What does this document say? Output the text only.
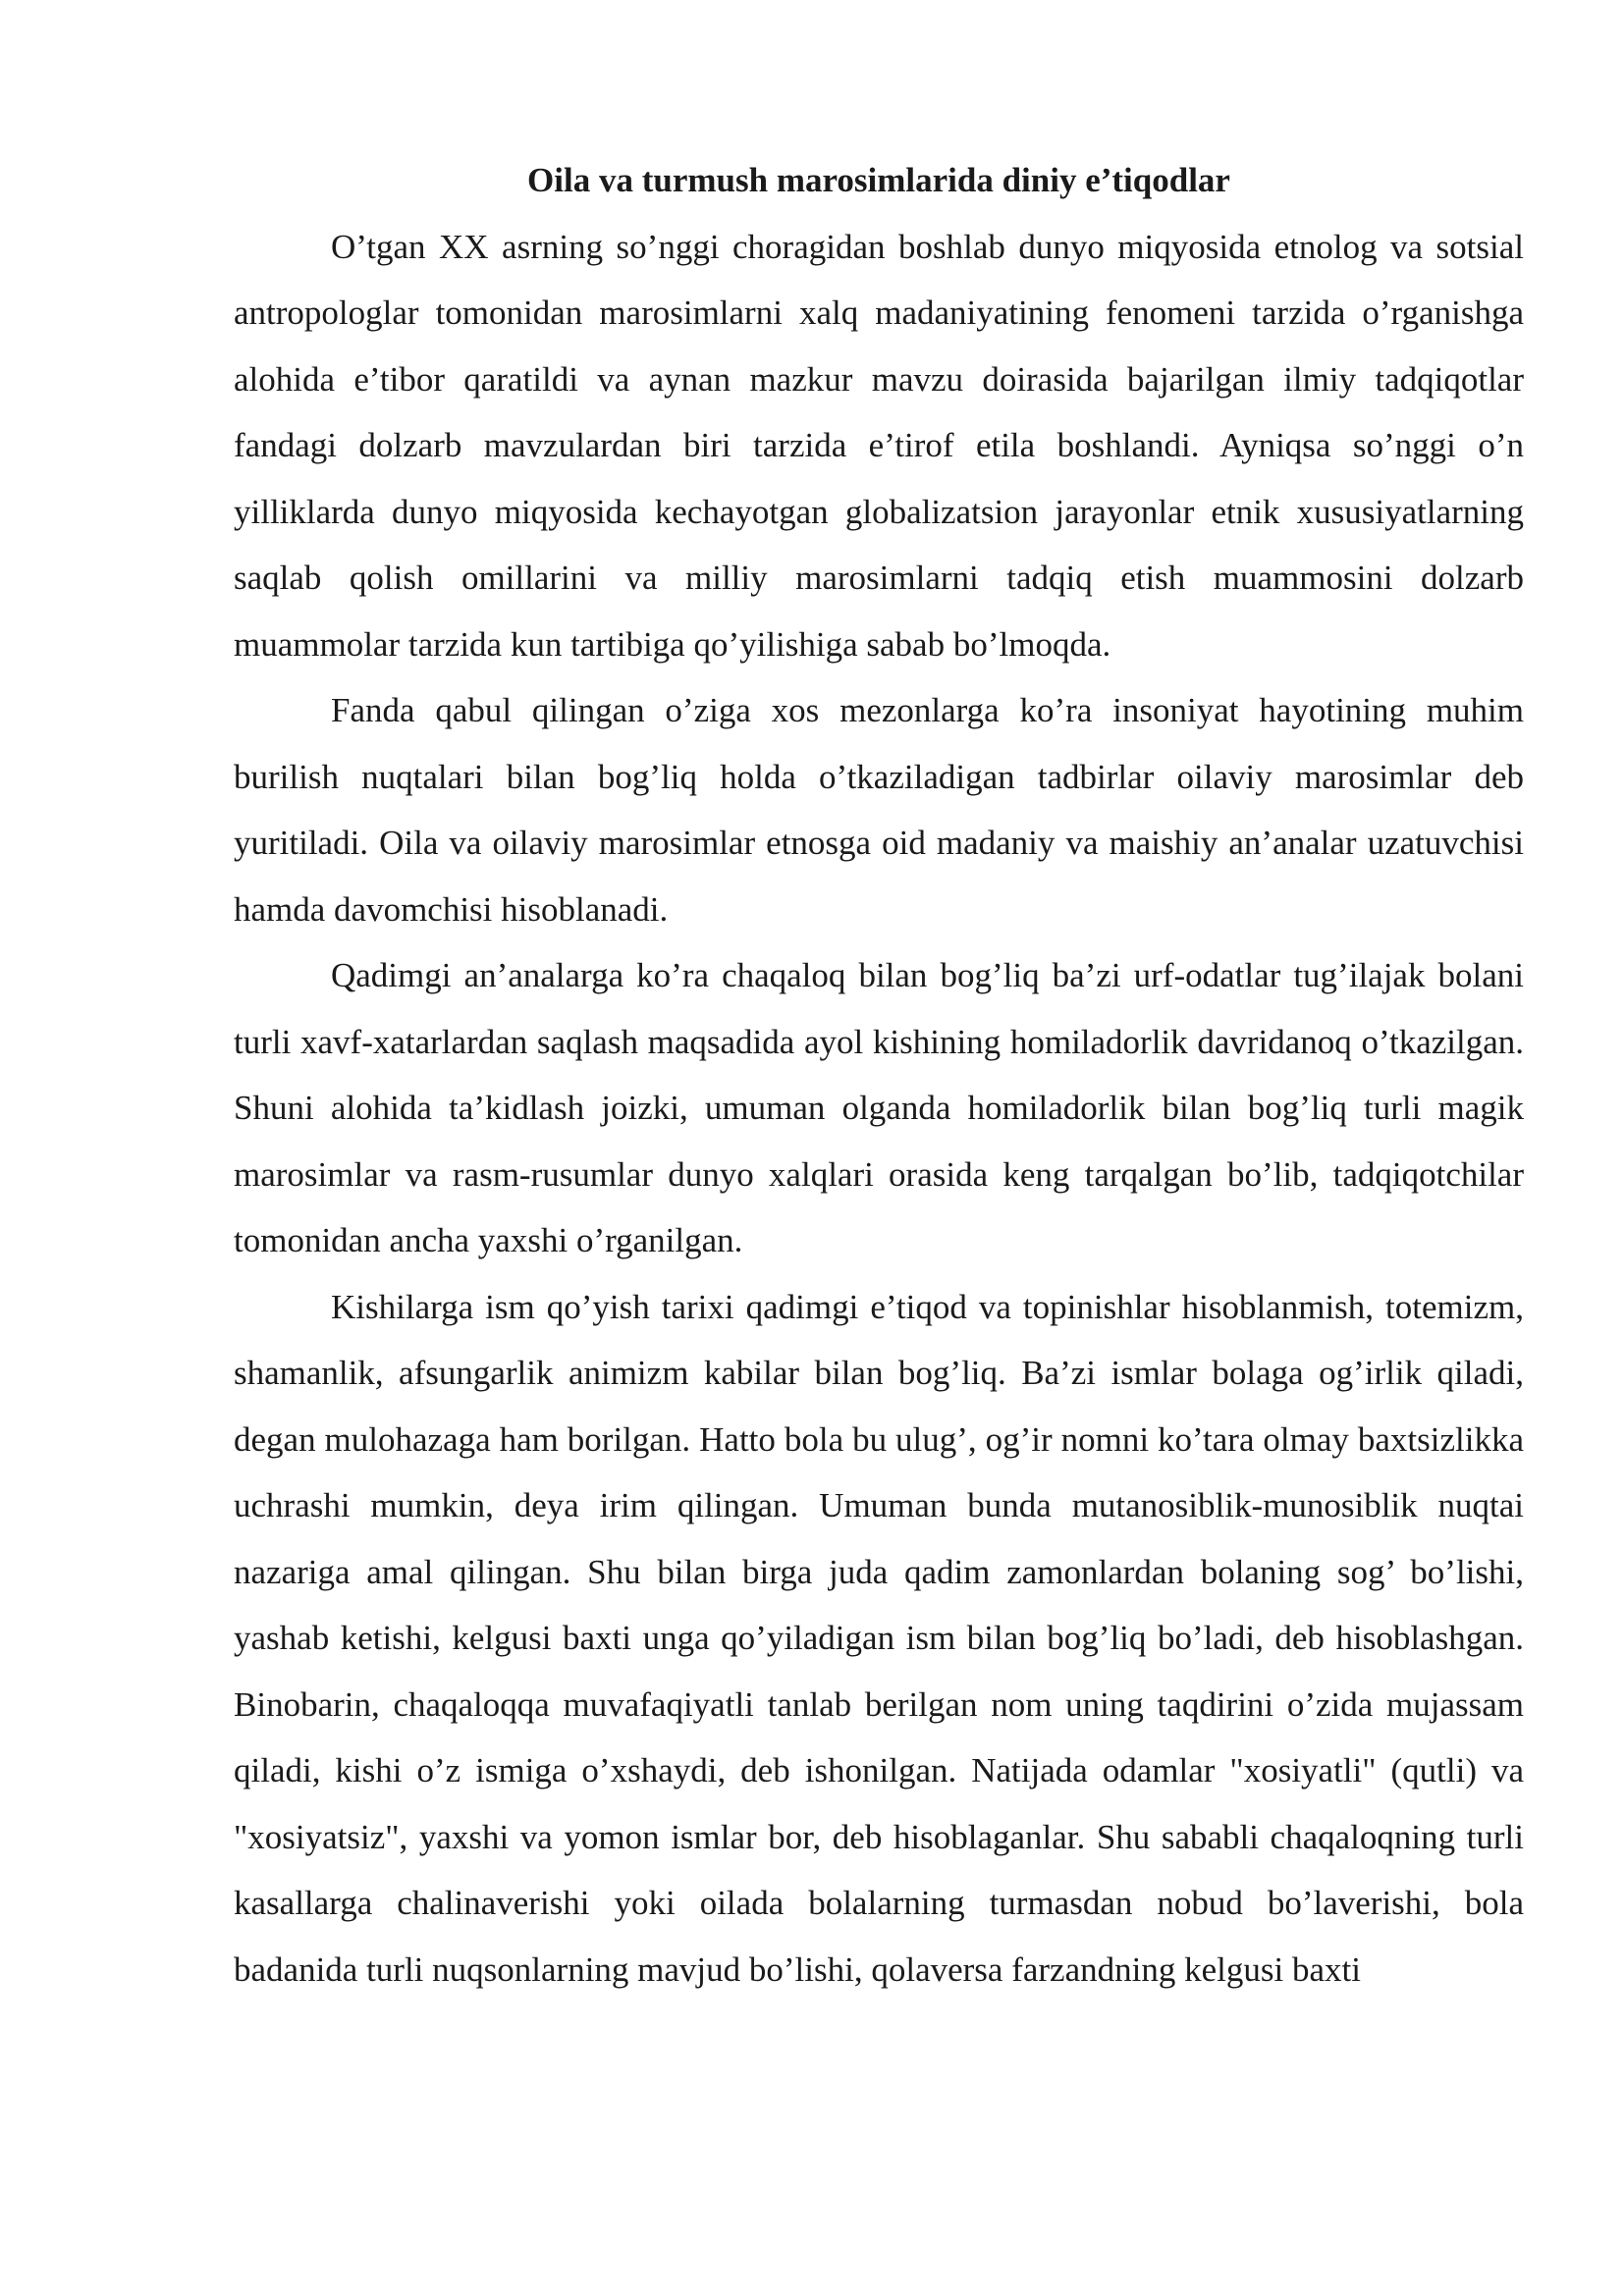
Oila va turmush marosimlarida diniy e’tiqodlar

O’tgan XX asrning so’nggi choragidan boshlab dunyo miqyosida etnolog va sotsial antropologlar tomonidan marosimlarni xalq madaniyatining fenomeni tarzida o’rganishga alohida e’tibor qaratildi va aynan mazkur mavzu doirasida bajarilgan ilmiy tadqiqotlar fandagi dolzarb mavzulardan biri tarzida e’tirof etila boshlandi. Ayniqsa so’nggi o’n yilliklarda dunyo miqyosida kechayotgan globalizatsion jarayonlar etnik xususiyatlarning saqlab qolish omillarini va milliy marosimlarni tadqiq etish muammosini dolzarb muammolar tarzida kun tartibiga qo’yilishiga sabab bo’lmoqda.

Fanda qabul qilingan o’ziga xos mezonlarga ko’ra insoniyat hayotining muhim burilish nuqtalari bilan bog’liq holda o’tkaziladigan tadbirlar oilaviy marosimlar deb yuritiladi. Oila va oilaviy marosimlar etnosga oid madaniy va maishiy an’analar uzatuvchisi hamda davomchisi hisoblanadi.

Qadimgi an’analarga ko’ra chaqaloq bilan bog’liq ba’zi urf-odatlar tug’ilajak bolani turli xavf-xatarlardan saqlash maqsadida ayol kishining homiladorlik davridanoq o’tkazilgan. Shuni alohida ta’kidlash joizki, umuman olganda homiladorlik bilan bog’liq turli magik marosimlar va rasm-rusumlar dunyo xalqlari orasida keng tarqalgan bo’lib, tadqiqotchilar tomonidan ancha yaxshi o’rganilgan.

Kishilarga ism qo’yish tarixi qadimgi e’tiqod va topinishlar hisoblanmish, totemizm, shamanlik, afsungarlik animizm kabilar bilan bog’liq. Ba’zi ismlar bolaga og’irlik qiladi, degan mulohazaga ham borilgan. Hatto bola bu ulug’, og’ir nomni ko’tara olmay baxtsizlikka uchrashi mumkin, deya irim qilingan. Umuman bunda mutanosiblik-munosiblik nuqtai nazariga amal qilingan. Shu bilan birga juda qadim zamonlardan bolaning sog’ bo’lishi, yashab ketishi, kelgusi baxti unga qo’yiladigan ism bilan bog’liq bo’ladi, deb hisoblashgan. Binobarin, chaqaloqqa muvafaqiyatli tanlab berilgan nom uning taqdirini o’zida mujassam qiladi, kishi o’z ismiga o’xshaydi, deb ishonilgan. Natijada odamlar "xosiyatli" (qutli) va "xosiyatsiz", yaxshi va yomon ismlar bor, deb hisoblaganlar. Shu sababli chaqaloqning turli kasallarga chalinaverishi yoki oilada bolalarning turmasdan nobud bo’laverishi, bola badanida turli nuqsonlarning mavjud bo’lishi, qolaversa farzandning kelgusi baxti
